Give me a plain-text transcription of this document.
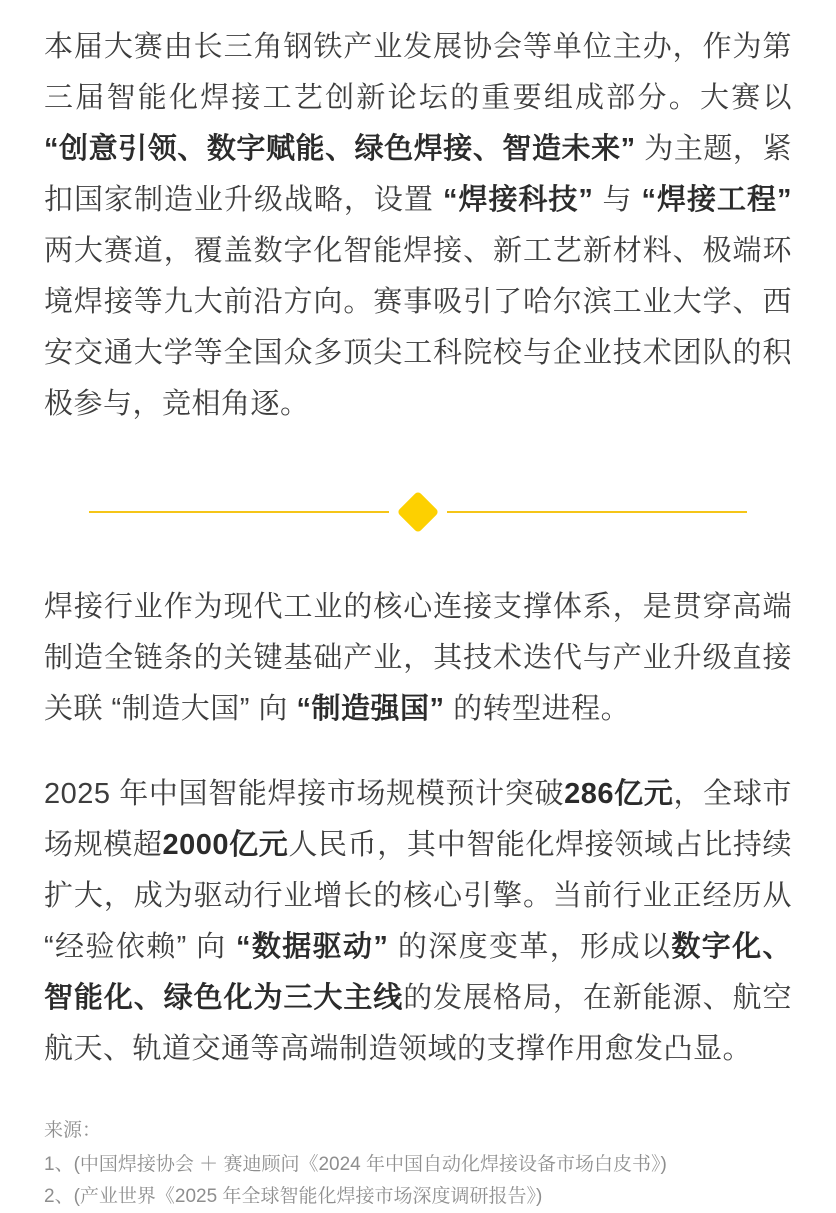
本届大赛由长三角钢铁产业发展协会等单位主办，作为第三届智能化焊接工艺创新论坛的重要组成部分。大赛以 “创意引领、数字赋能、绿色焊接、智造未来” 为主题，紧扣国家制造业升级战略，设置 “焊接科技” 与 “焊接工程” 两大赛道，覆盖数字化智能焊接、新工艺新材料、极端环境焊接等九大前沿方向。赛事吸引了哈尔滨工业大学、西安交通大学等全国众多顶尖工科院校与企业技术团队的积极参与，竞相角逐。

焊接行业作为现代工业的核心连接支撑体系，是贯穿高端制造全链条的关键基础产业，其技术迭代与产业升级直接关联 “制造大国” 向 “制造强国” 的转型进程。

2025 年中国智能焊接市场规模预计突破286亿元，全球市场规模超2000亿元人民币，其中智能化焊接领域占比持续扩大，成为驱动行业增长的核心引擎。当前行业正经历从 “经验依赖” 向 “数据驱动” 的深度变革，形成以数字化、智能化、绿色化为三大主线的发展格局，在新能源、航空航天、轨道交通等高端制造领域的支撑作用愈发凸显。

来源：
1、(中国焊接协会 ＋ 赛迪顾问《2024 年中国自动化焊接设备市场白皮书》)
2、(产业世界《2025 年全球智能化焊接市场深度调研报告》)
